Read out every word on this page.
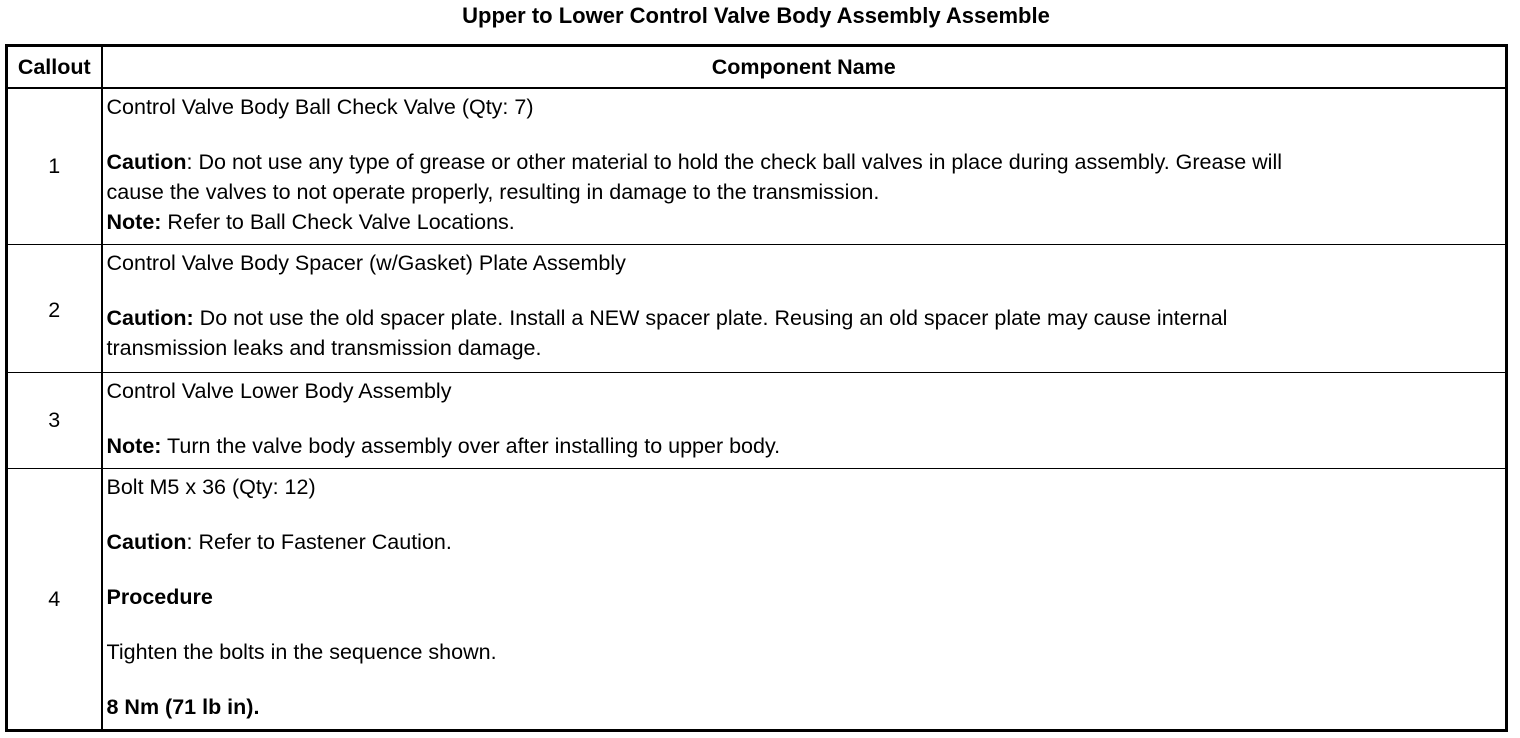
Upper to Lower Control Valve Body Assembly Assemble
Callout	Component Name
1	Control Valve Body Ball Check Valve (Qty: 7)
Caution: Do not use any type of grease or other material to hold the check ball valves in place during assembly. Grease will
cause the valves to not operate properly, resulting in damage to the transmission.
Note: Refer to Ball Check Valve Locations.

2	Control Valve Body Spacer (w/Gasket) Plate Assembly
Caution: Do not use the old spacer plate. Install a NEW spacer plate. Reusing an old spacer plate may cause internal
transmission leaks and transmission damage.

3	Control Valve Lower Body Assembly
Note: Turn the valve body assembly over after installing to upper body.

4	Bolt M5 x 36 (Qty: 12)
Caution: Refer to Fastener Caution.
Procedure
Tighten the bolts in the sequence shown.
8 Nm (71 lb in).
